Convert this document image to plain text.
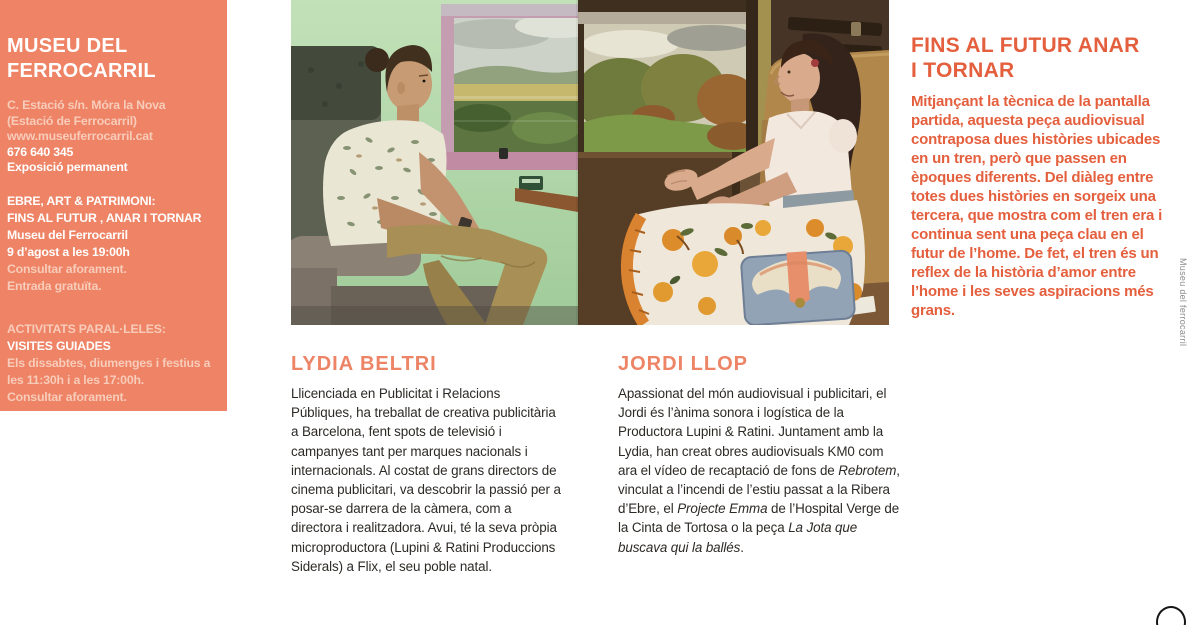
MUSEU DEL
FERROCARRIL
C. Estació s/n. Móra la Nova
(Estació de Ferrocarril)
www.museuferrocarril.cat
676 640 345
Exposició permanent
EBRE, ART & PATRIMONI:
FINS AL FUTUR , ANAR I TORNAR
Museu del Ferrocarril
9 d’agost a les 19:00h
Consultar aforament.
Entrada gratuïta.
ACTIVITATS PARAL·LELES:
VISITES GUIADES
Els dissabtes, diumenges i festius a les 11:30h i a les 17:00h.
Consultar aforament.
LYDIA BELTRI

Llicenciada en Publicitat i Relacions Públiques, ha treballat de creativa publicitària a Barcelona, fent spots de televisió i campanyes tant per marques nacionals i internacionals. Al costat de grans directors de cinema publicitari, va descobrir la passió per a posar-se darrera de la càmera, com a directora i realitzadora. Avui, té la seva pròpia microproductora (Lupini & Ratini Produccions Siderals) a Flix, el seu poble natal.

JORDI LLOP

Apassionat del món audiovisual i publicitari, el Jordi és l’ànima sonora i logística de la Productora Lupini & Ratini. Juntament amb la Lydia, han creat obres audiovisuals KM0 com ara el vídeo de recaptació de fons de Rebrotem, vinculat a l’incendi de l’estiu passat a la Ribera d’Ebre, el Projecte Emma de l’Hospital Verge de la Cinta de Tortosa o la peça La Jota que buscava qui la ballés.

FINS AL FUTUR ANAR
I TORNAR

Mitjançant la tècnica de la pantalla partida, aquesta peça audiovisual contraposa dues històries ubicades en un tren, però que passen en èpoques diferents. Del diàleg entre totes dues històries en sorgeix una tercera, que mostra com el tren era i continua sent una peça clau en el futur de l’home. De fet, el tren és un reflex de la història d’amor entre l’home i les seves aspiracions més grans.	Museu del ferrocarril
